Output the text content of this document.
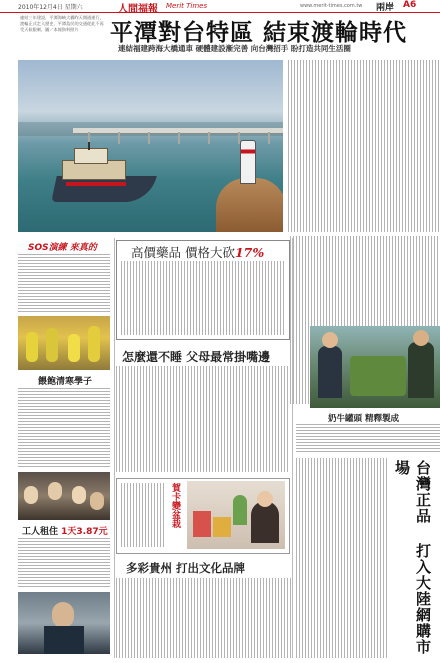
2010年12月4日 星期六	人間福報 Merit Times	www.merit-times.com.tw 兩岸 A6
平潭對台特區 結束渡輪時代
連結福建跨海大橋通車 硬體建設漸完善 向台灣招手 盼打造共同生活圈
連結三年建設，平潭海峽大橋昨天開通運行，渡輪正式走入歷史，平潭島民的交通從此不再受天候限制。圖／本報資料照片
高價藥品 價格大砍17%
SOS演練 來真的
怎麼還不睡 父母最常掛嘴邊
餵飽清寒學子
工人租住 1天3.87元
奶牛罐頭 精釋製成
賀卡變盆栽
多彩貴州 打出文化品牌	台灣正品 打入大陸網購市場
